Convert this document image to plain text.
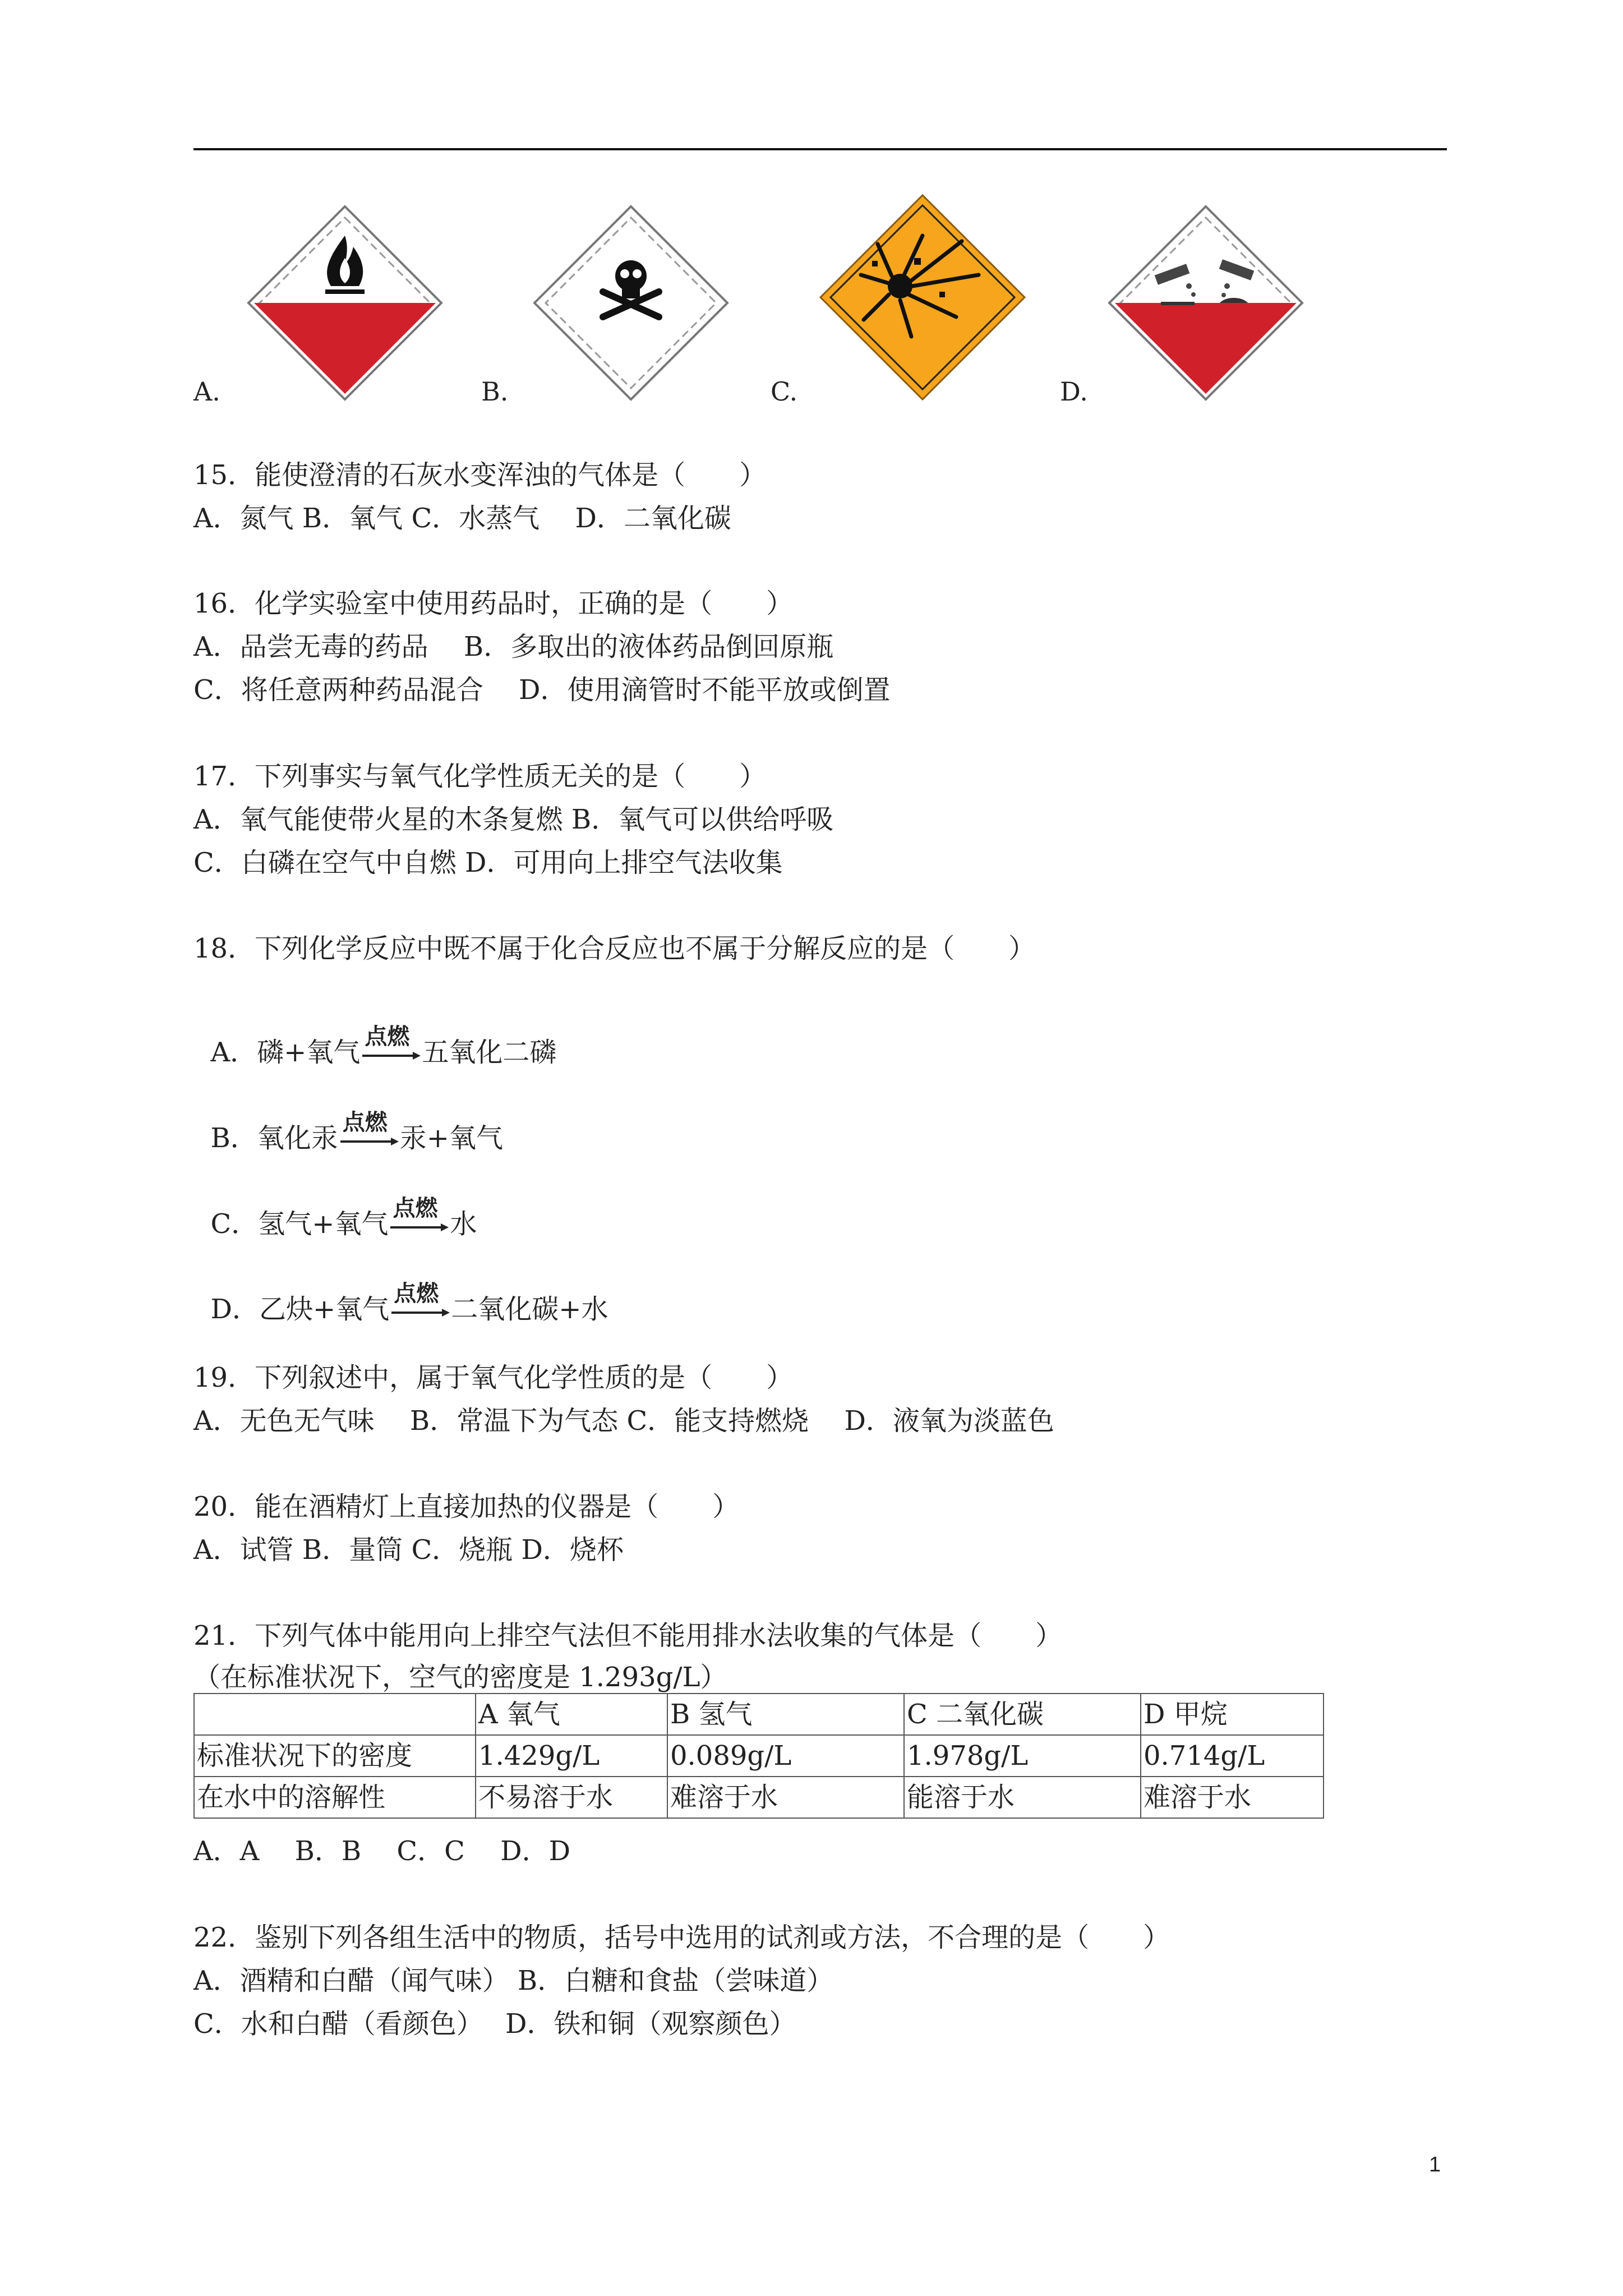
A.	B.	C.	D.
15．能使澄清的石灰水变浑浊的气体是（　　）
A．氮气 B．氧气 C．水蒸气　 D．二氧化碳
16．化学实验室中使用药品时，正确的是（　　）
A．品尝无毒的药品　 B．多取出的液体药品倒回原瓶
C．将任意两种药品混合　 D．使用滴管时不能平放或倒置
17．下列事实与氧气化学性质无关的是（　　）
A．氧气能使带火星的木条复燃 B．氧气可以供给呼吸
C．白磷在空气中自燃 D．可用向上排空气法收集
18．下列化学反应中既不属于化合反应也不属于分解反应的是（　　）

A．磷+氧气 点燃 五氧化二磷

B．氧化汞 点燃 汞+氧气

C．氢气+氧气 点燃 水

D．乙炔+氧气 点燃 二氧化碳+水

19．下列叙述中，属于氧气化学性质的是（　　）
A．无色无气味　 B．常温下为气态 C．能支持燃烧　 D．液氧为淡蓝色
20．能在酒精灯上直接加热的仪器是（　　）
A．试管 B．量筒 C．烧瓶 D．烧杯
21．下列气体中能用向上排空气法但不能用排水法收集的气体是（　　）
（在标准状况下，空气的密度是 1.293g/L）
	A 氧气	B 氢气	C 二氧化碳	D 甲烷
标准状况下的密度	1.429g/L	0.089g/L	1.978g/L	0.714g/L
在水中的溶解性	不易溶于水	难溶于水	能溶于水	难溶于水
A．A　 B．B　 C．C　 D．D
22．鉴别下列各组生活中的物质，括号中选用的试剂或方法，不合理的是（　　）
A．酒精和白醋（闻气味） B．白糖和食盐（尝味道）
C．水和白醋（看颜色）　 D．铁和铜（观察颜色）
1
